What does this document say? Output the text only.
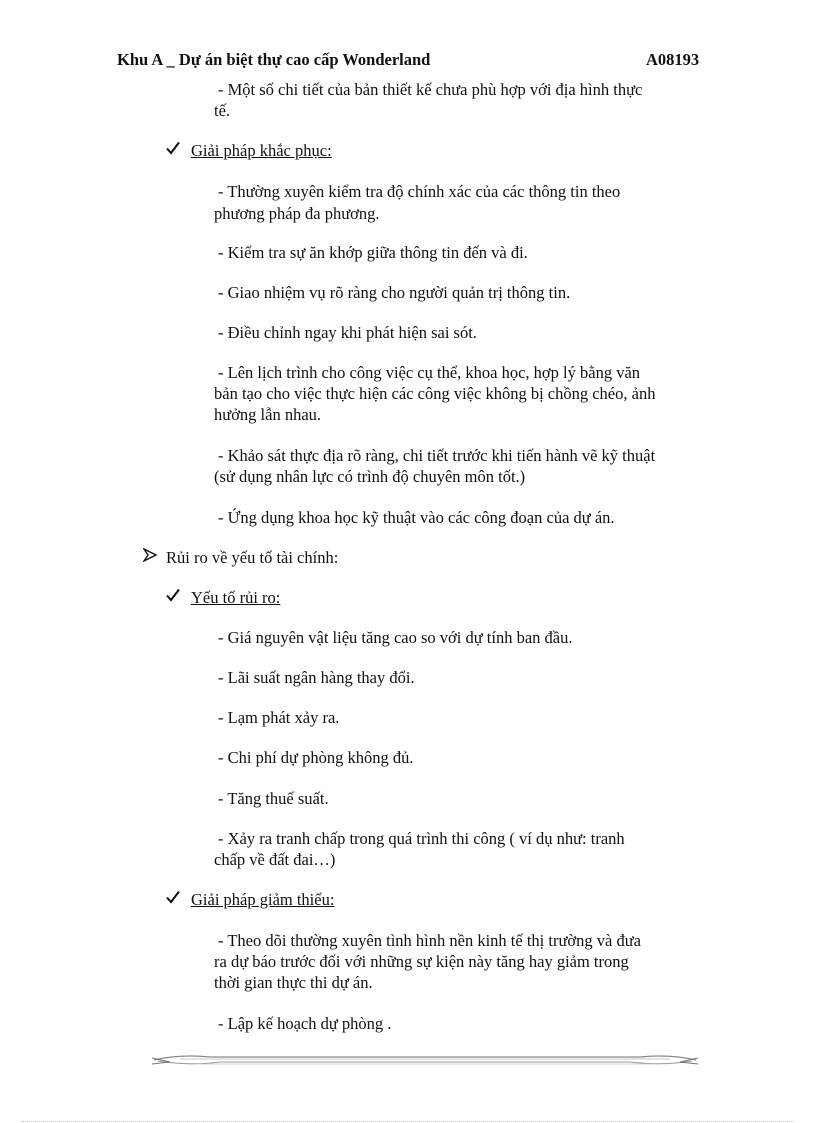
Khu A _ Dự án biệt thự cao cấp Wonderland	A08193
- Một số chi tiết của bản thiết kế chưa phù hợp với địa hình thực
tế.
Giải pháp khắc phục:
- Thường xuyên kiểm tra độ chính xác của các thông tin theo
phương pháp đa phương.
- Kiểm tra sự ăn khớp giữa thông tin đến và đi.
- Giao nhiệm vụ rõ ràng cho người quản trị thông tin.
- Điều chỉnh ngay khi phát hiện sai sót.
- Lên lịch trình cho công việc cụ thể, khoa học, hợp lý bằng văn
bản tạo cho việc thực hiện các công việc không bị chồng chéo, ảnh
hưởng lẫn nhau.
- Khảo sát thực địa rõ ràng, chi tiết trước khi tiến hành vẽ kỹ thuật
(sử dụng nhân lực có trình độ chuyên môn tốt.)
- Ứng dụng khoa học kỹ thuật vào các công đoạn của dự án.
Rủi ro về yếu tố tài chính:
Yếu tố rủi ro:
- Giá nguyên vật liệu tăng cao so với dự tính ban đầu.
- Lãi suất ngân hàng thay đổi.
- Lạm phát xảy ra.
- Chi phí dự phòng không đủ.
- Tăng thuế suất.
- Xảy ra tranh chấp trong quá trình thi công ( ví dụ như: tranh
chấp về đất đai…)
Giải pháp giảm thiểu:
- Theo dõi thường xuyên tình hình nền kinh tế thị trường và đưa
ra dự báo trước đối với những sự kiện này tăng hay giảm trong
thời gian thực thi dự án.
- Lập kế hoạch dự phòng .
